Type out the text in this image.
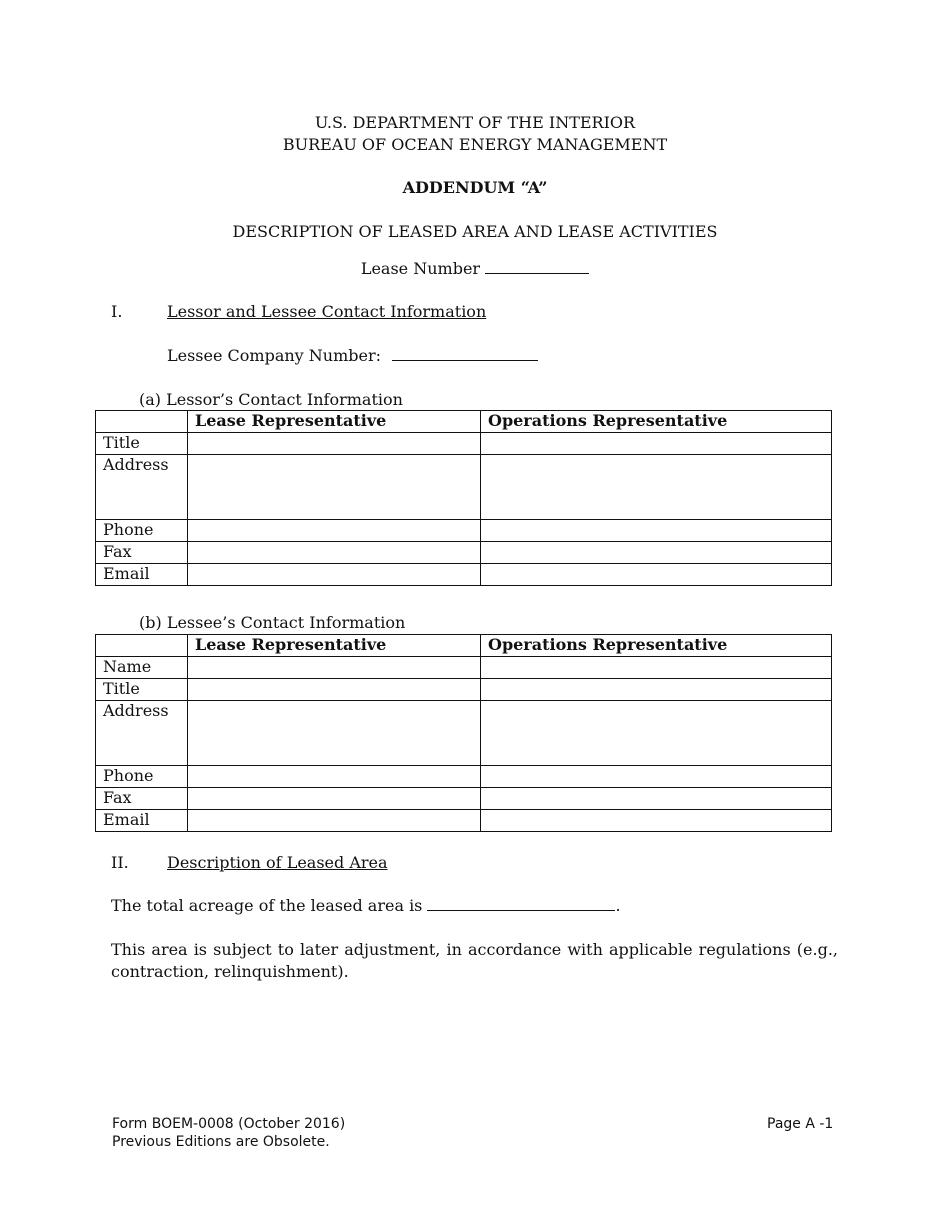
U.S. DEPARTMENT OF THE INTERIOR
BUREAU OF OCEAN ENERGY MANAGEMENT
ADDENDUM “A”
DESCRIPTION OF LEASED AREA AND LEASE ACTIVITIES
Lease Number
I.	Lessor and Lessee Contact Information
Lessee Company Number:
(a) Lessor’s Contact Information
	Lease Representative	Operations Representative
Title		
Address		
Phone		
Fax		
Email		
(b) Lessee’s Contact Information
	Lease Representative	Operations Representative
Name		
Title		
Address		
Phone		
Fax		
Email		
II. Description of Leased Area
The total acreage of the leased area is	.
This area is subject to later adjustment, in accordance with applicable regulations (e.g., contraction, relinquishment).
Form BOEM-0008 (October 2016)
Previous Editions are Obsolete.
Page A -1
